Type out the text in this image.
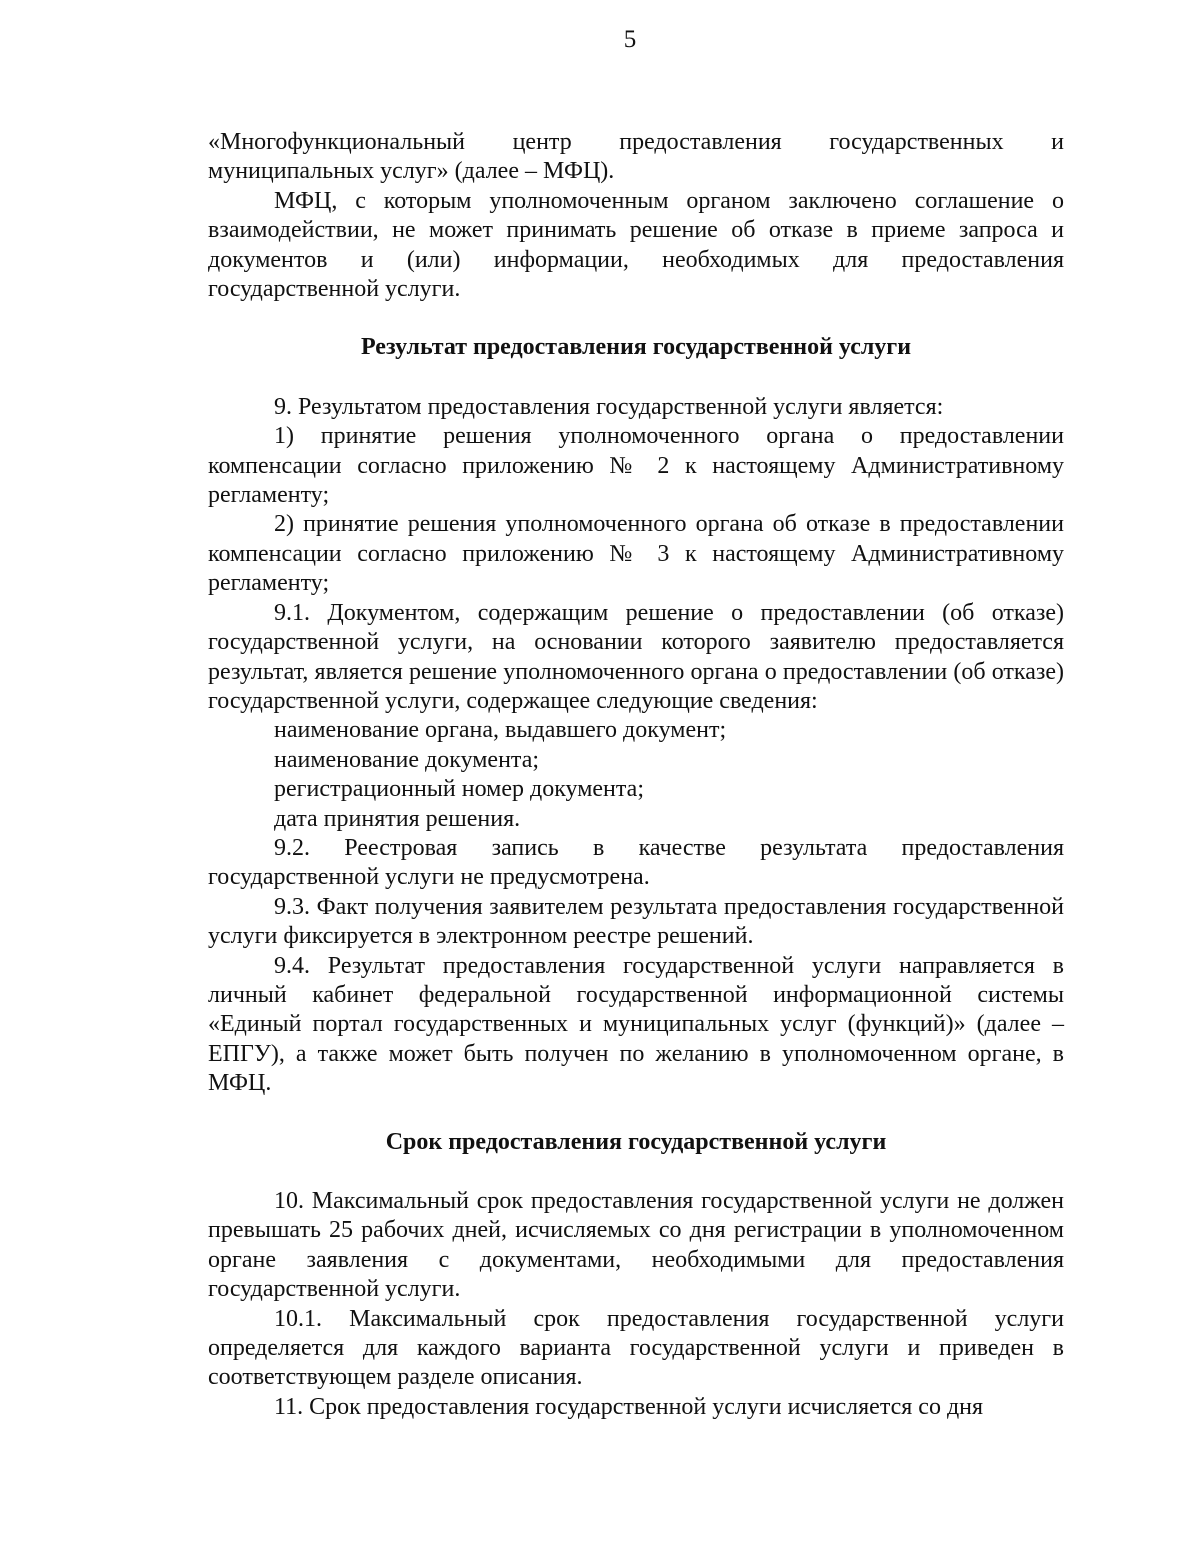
5

«Многофункциональный центр предоставления государственных и муниципальных услуг» (далее – МФЦ).

МФЦ, с которым уполномоченным органом заключено соглашение о взаимодействии, не может принимать решение об отказе в приеме запроса и документов и (или) информации, необходимых для предоставления государственной услуги.

Результат предоставления государственной услуги

9. Результатом предоставления государственной услуги является:

1) принятие решения уполномоченного органа о предоставлении компенсации согласно приложению № 2 к настоящему Административному регламенту;

2) принятие решения уполномоченного органа об отказе в предоставлении компенсации согласно приложению № 3 к настоящему Административному регламенту;

9.1. Документом, содержащим решение о предоставлении (об отказе) государственной услуги, на основании которого заявителю предоставляется результат, является решение уполномоченного органа о предоставлении (об отказе) государственной услуги, содержащее следующие сведения:

наименование органа, выдавшего документ;

наименование документа;

регистрационный номер документа;

дата принятия решения.

9.2. Реестровая запись в качестве результата предоставления государственной услуги не предусмотрена.

9.3. Факт получения заявителем результата предоставления государственной услуги фиксируется в электронном реестре решений.

9.4. Результат предоставления государственной услуги направляется в личный кабинет федеральной государственной информационной системы «Единый портал государственных и муниципальных услуг (функций)» (далее – ЕПГУ), а также может быть получен по желанию в уполномоченном органе, в МФЦ.

Срок предоставления государственной услуги

10. Максимальный срок предоставления государственной услуги не должен превышать 25 рабочих дней, исчисляемых со дня регистрации в уполномоченном органе заявления с документами, необходимыми для предоставления государственной услуги.

10.1. Максимальный срок предоставления государственной услуги определяется для каждого варианта государственной услуги и приведен в соответствующем разделе описания.

11. Срок предоставления государственной услуги исчисляется со дня
